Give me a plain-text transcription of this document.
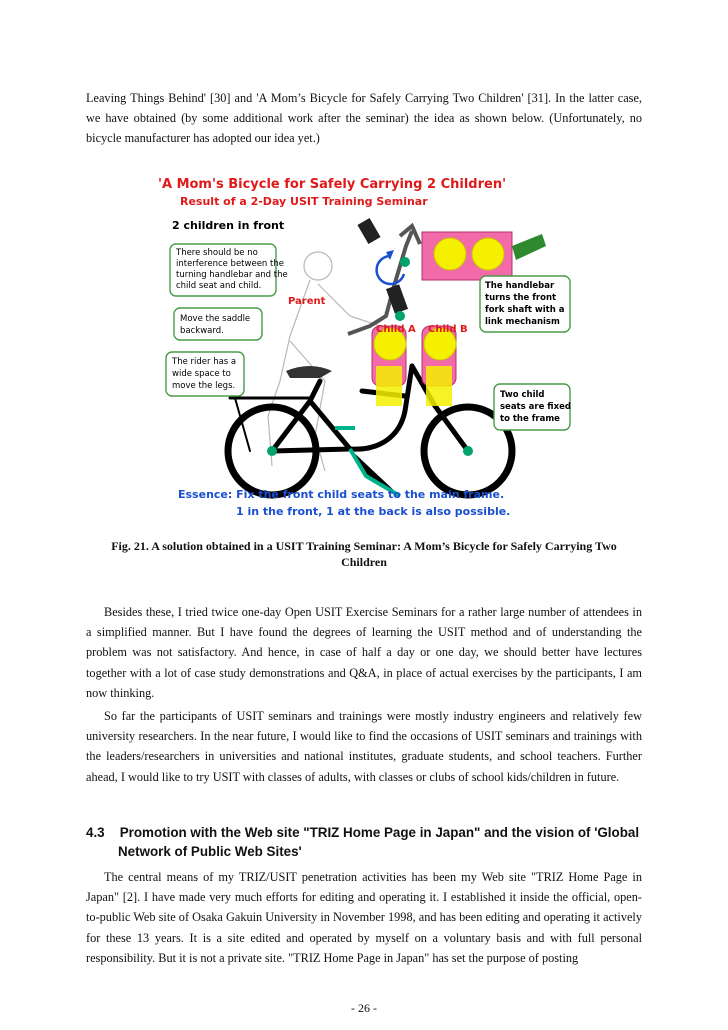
Leaving Things Behind' [30] and 'A Mom’s Bicycle for Safely Carrying Two Children' [31]. In the latter case, we have obtained (by some additional work after the seminar) the idea as shown below. (Unfortunately, no bicycle manufacturer has adopted our idea yet.)

'A Mom's Bicycle for Safely Carrying 2 Children'
Result of a 2-Day USIT Training Seminar
2 children in front
Parent
Child A Child B
There should be no
interference between the
turning handlebar and the
child seat and child.
Move the saddle
backward.
The rider has a
wide space to
move the legs.
The handlebar
turns the front
fork shaft with a
link mechanism
Two child
seats are fixed
to the frame
Essence: Fix the front child seats to the main frame.
1 in the front, 1 at the back is also possible.

Fig. 21. A solution obtained in a USIT Training Seminar: A Mom’s Bicycle for Safely Carrying Two
Children

Besides these, I tried twice one-day Open USIT Exercise Seminars for a rather large number of attendees in a simplified manner. But I have found the degrees of learning the USIT method and of understanding the problem was not satisfactory. And hence, in case of half a day or one day, we should better have lectures together with a lot of case study demonstrations and Q&A, in place of actual exercises by the participants, I am now thinking.

So far the participants of USIT seminars and trainings were mostly industry engineers and relatively few university researchers. In the near future, I would like to find the occasions of USIT seminars and trainings with the leaders/researchers in universities and national institutes, graduate students, and school teachers. Further ahead, I would like to try USIT with classes of adults, with classes or clubs of school kids/children in future.

4.3 Promotion with the Web site "TRIZ Home Page in Japan" and the vision of 'Global
Network of Public Web Sites'

The central means of my TRIZ/USIT penetration activities has been my Web site "TRIZ Home Page in Japan" [2]. I have made very much efforts for editing and operating it. I established it inside the official, open-to-public Web site of Osaka Gakuin University in November 1998, and has been editing and operating it actively for these 13 years. It is a site edited and operated by myself on a voluntary basis and with full personal responsibility. But it is not a private site. "TRIZ Home Page in Japan" has set the purpose of posting

- 26 -
